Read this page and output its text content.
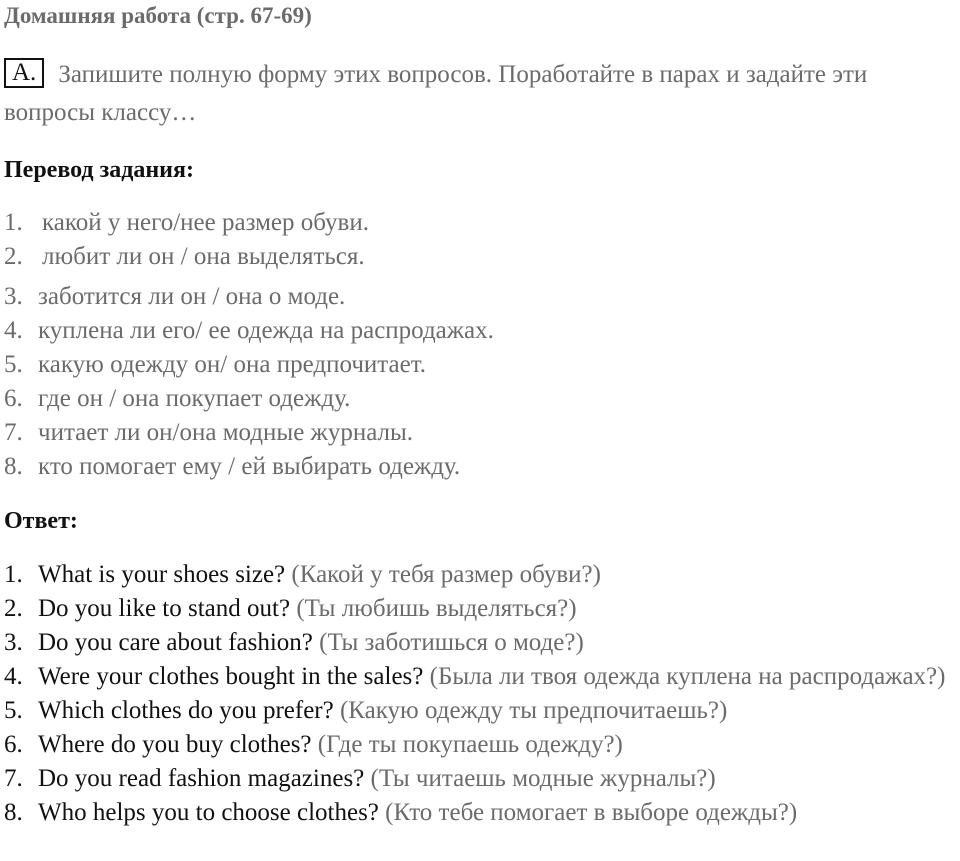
Домашняя работа (стр. 67-69)
A. Запишите полную форму этих вопросов. Поработайте в парах и задайте эти вопросы классу…
Перевод задания:
1. какой у него/нее размер обуви.
2. любит ли он / она выделяться.
3. заботится ли он / она о моде.
4. куплена ли его/ ее одежда на распродажах.
5. какую одежду он/ она предпочитает.
6. где он / она покупает одежду.
7. читает ли он/она модные журналы.
8. кто помогает ему / ей выбирать одежду.
Ответ:
1. What is your shoes size? (Какой у тебя размер обуви?)
2. Do you like to stand out? (Ты любишь выделяться?)
3. Do you care about fashion? (Ты заботишься о моде?)
4. Were your clothes bought in the sales? (Была ли твоя одежда куплена на распродажах?)
5. Which clothes do you prefer? (Какую одежду ты предпочитаешь?)
6. Where do you buy clothes? (Где ты покупаешь одежду?)
7. Do you read fashion magazines? (Ты читаешь модные журналы?)
8. Who helps you to choose clothes? (Кто тебе помогает в выборе одежды?)
